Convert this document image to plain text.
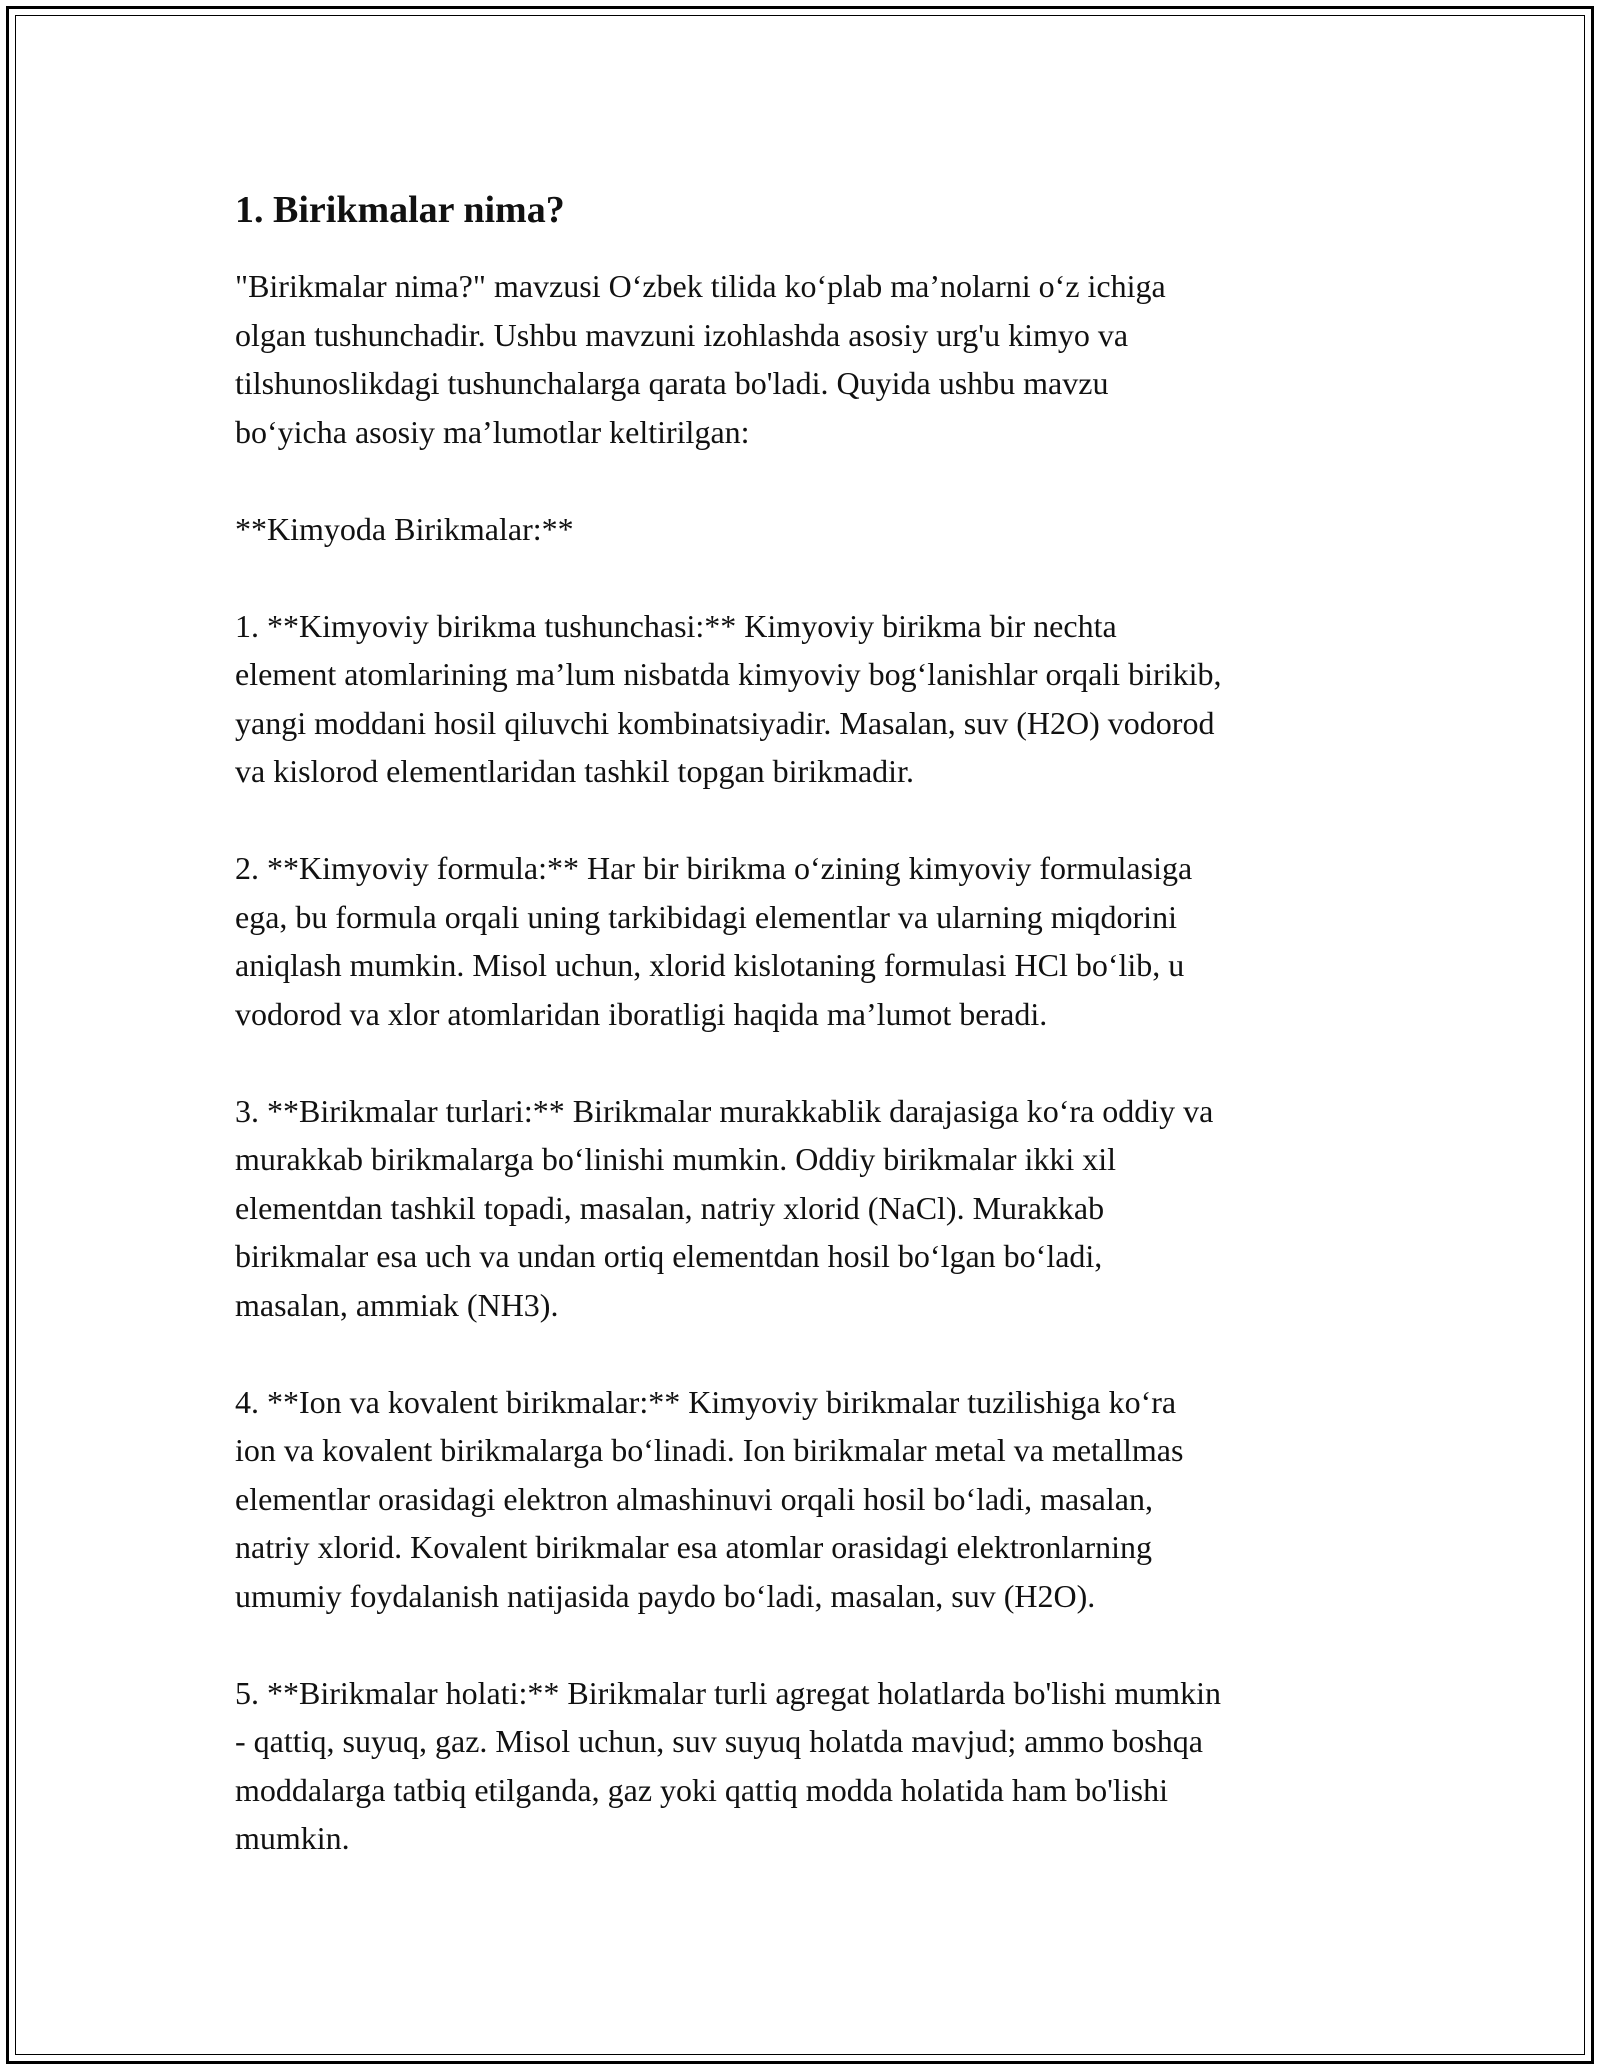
1. Birikmalar nima?

"Birikmalar nima?" mavzusi O‘zbek tilida ko‘plab ma’nolarni o‘z ichiga
olgan tushunchadir. Ushbu mavzuni izohlashda asosiy urg'u kimyo va
tilshunoslikdagi tushunchalarga qarata bo'ladi. Quyida ushbu mavzu
bo‘yicha asosiy ma’lumotlar keltirilgan:

**Kimyoda Birikmalar:**

1. **Kimyoviy birikma tushunchasi:** Kimyoviy birikma bir nechta
element atomlarining ma’lum nisbatda kimyoviy bog‘lanishlar orqali birikib,
yangi moddani hosil qiluvchi kombinatsiyadir. Masalan, suv (H2O) vodorod
va kislorod elementlaridan tashkil topgan birikmadir.

2. **Kimyoviy formula:** Har bir birikma o‘zining kimyoviy formulasiga
ega, bu formula orqali uning tarkibidagi elementlar va ularning miqdorini
aniqlash mumkin. Misol uchun, xlorid kislotaning formulasi HCl bo‘lib, u
vodorod va xlor atomlaridan iboratligi haqida ma’lumot beradi.

3. **Birikmalar turlari:** Birikmalar murakkablik darajasiga ko‘ra oddiy va
murakkab birikmalarga bo‘linishi mumkin. Oddiy birikmalar ikki xil
elementdan tashkil topadi, masalan, natriy xlorid (NaCl). Murakkab
birikmalar esa uch va undan ortiq elementdan hosil bo‘lgan bo‘ladi,
masalan, ammiak (NH3).

4. **Ion va kovalent birikmalar:** Kimyoviy birikmalar tuzilishiga ko‘ra
ion va kovalent birikmalarga bo‘linadi. Ion birikmalar metal va metallmas
elementlar orasidagi elektron almashinuvi orqali hosil bo‘ladi, masalan,
natriy xlorid. Kovalent birikmalar esa atomlar orasidagi elektronlarning
umumiy foydalanish natijasida paydo bo‘ladi, masalan, suv (H2O).

5. **Birikmalar holati:** Birikmalar turli agregat holatlarda bo'lishi mumkin
- qattiq, suyuq, gaz. Misol uchun, suv suyuq holatda mavjud; ammo boshqa
moddalarga tatbiq etilganda, gaz yoki qattiq modda holatida ham bo'lishi
mumkin.
